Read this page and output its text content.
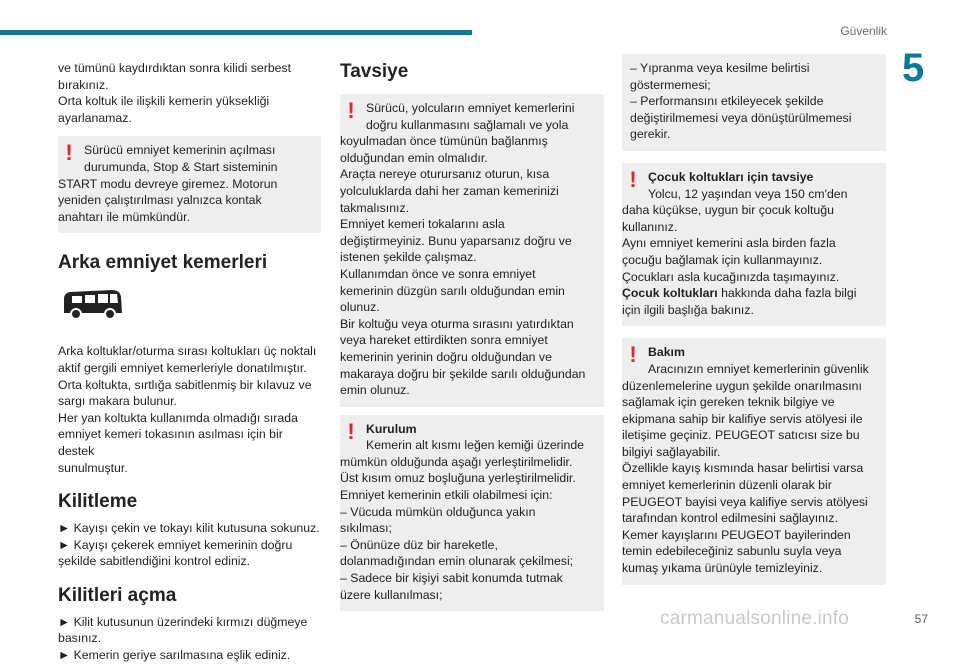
Güvenlik
5

ve tümünü kaydırdıktan sonra kilidi serbest

bırakınız.

Orta koltuk ile ilişkili kemerin yüksekliği

ayarlanamaz.

! Sürücü emniyet kemerinin açılması

durumunda, Stop & Start sisteminin

START modu devreye giremez. Motorun

yeniden çalıştırılması yalnızca kontak

anahtarı ile mümkündür.

Arka emniyet kemerleri

Arka koltuklar/oturma sırası koltukları üç noktalı

aktif gergili emniyet kemerleriyle donatılmıştır.

Orta koltukta, sırtlığa sabitlenmiş bir kılavuz ve

sargı makara bulunur.

Her yan koltukta kullanımda olmadığı sırada

emniyet kemeri tokasının asılması için bir destek

sunulmuştur.

Kilitleme

► Kayışı çekin ve tokayı kilit kutusuna sokunuz.

► Kayışı çekerek emniyet kemerinin doğru

şekilde sabitlendiğini kontrol ediniz.

Kilitleri açma

► Kilit kutusunun üzerindeki kırmızı düğmeye

basınız.

► Kemerin geriye sarılmasına eşlik ediniz.

Tavsiye
! Sürücü, yolcuların emniyet kemerlerini

doğru kullanmasını sağlamalı ve yola

koyulmadan önce tümünün bağlanmış

olduğundan emin olmalıdır.

Araçta nereye oturursanız oturun, kısa

yolculuklarda dahi her zaman kemerinizi

takmalısınız.

Emniyet kemeri tokalarını asla

değiştirmeyiniz. Bunu yaparsanız doğru ve

istenen şekilde çalışmaz.

Kullanımdan önce ve sonra emniyet

kemerinin düzgün sarılı olduğundan emin

olunuz.

Bir koltuğu veya oturma sırasını yatırdıktan

veya hareket ettirdikten sonra emniyet

kemerinin yerinin doğru olduğundan ve

makaraya doğru bir şekilde sarılı olduğundan

emin olunuz.

! Kurulum

Kemerin alt kısmı leğen kemiği üzerinde

mümkün olduğunda aşağı yerleştirilmelidir.

Üst kısım omuz boşluğuna yerleştirilmelidir.

Emniyet kemerinin etkili olabilmesi için:

– Vücuda mümkün olduğunca yakın

sıkılması;

– Önünüze düz bir hareketle,

dolanmadığından emin olunarak çekilmesi;

– Sadece bir kişiyi sabit konumda tutmak

üzere kullanılması;

– Yıpranma veya kesilme belirtisi

göstermemesi;

– Performansını etkileyecek şekilde

değiştirilmemesi veya dönüştürülmemesi

gerekir.

! Çocuk koltukları için tavsiye

Yolcu, 12 yaşından veya 150 cm'den

daha küçükse, uygun bir çocuk koltuğu

kullanınız.

Aynı emniyet kemerini asla birden fazla

çocuğu bağlamak için kullanmayınız.

Çocukları asla kucağınızda taşımayınız.

Çocuk koltukları hakkında daha fazla bilgi

için ilgili başlığa bakınız.

! Bakım

Aracınızın emniyet kemerlerinin güvenlik

düzenlemelerine uygun şekilde onarılmasını

sağlamak için gereken teknik bilgiye ve

ekipmana sahip bir kalifiye servis atölyesi ile

iletişime geçiniz. PEUGEOT satıcısı size bu

bilgiyi sağlayabilir.

Özellikle kayış kısmında hasar belirtisi varsa

emniyet kemerlerinin düzenli olarak bir

PEUGEOT bayisi veya kalifiye servis atölyesi

tarafından kontrol edilmesini sağlayınız.

Kemer kayışlarını PEUGEOT bayilerinden

temin edebileceğiniz sabunlu suyla veya

kumaş yıkama ürünüyle temizleyiniz.

carmanualsonline.info	57
